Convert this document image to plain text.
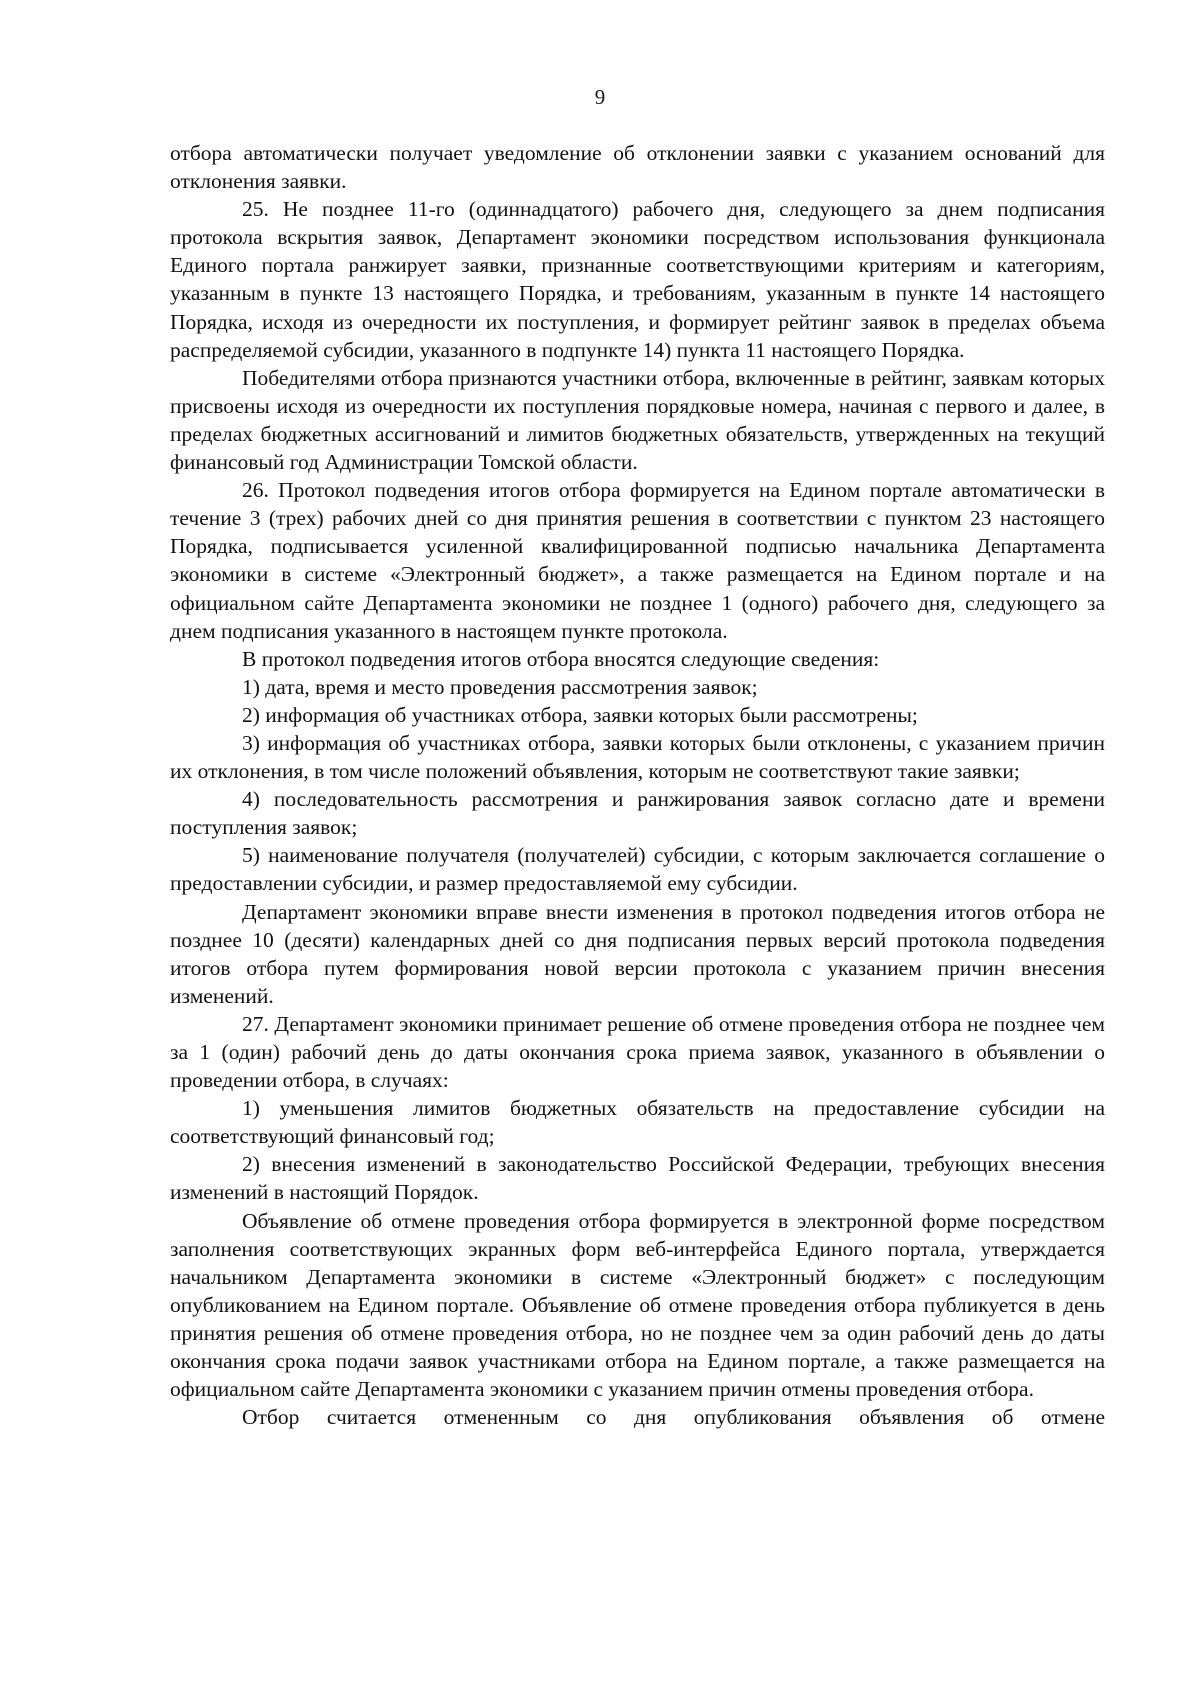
9

отбора автоматически получает уведомление об отклонении заявки с указанием оснований для отклонения заявки.

25. Не позднее 11-го (одиннадцатого) рабочего дня, следующего за днем подписания протокола вскрытия заявок, Департамент экономики посредством использования функционала Единого портала ранжирует заявки, признанные соответствующими критериям и категориям, указанным в пункте 13 настоящего Порядка, и требованиям, указанным в пункте 14 настоящего Порядка, исходя из очередности их поступления, и формирует рейтинг заявок в пределах объема распределяемой субсидии, указанного в подпункте 14) пункта 11 настоящего Порядка.

Победителями отбора признаются участники отбора, включенные в рейтинг, заявкам которых присвоены исходя из очередности их поступления порядковые номера, начиная с первого и далее, в пределах бюджетных ассигнований и лимитов бюджетных обязательств, утвержденных на текущий финансовый год Администрации Томской области.

26. Протокол подведения итогов отбора формируется на Едином портале автоматически в течение 3 (трех) рабочих дней со дня принятия решения в соответствии с пунктом 23 настоящего Порядка, подписывается усиленной квалифицированной подписью начальника Департамента экономики в системе «Электронный бюджет», а также размещается на Едином портале и на официальном сайте Департамента экономики не позднее 1 (одного) рабочего дня, следующего за днем подписания указанного в настоящем пункте протокола.

В протокол подведения итогов отбора вносятся следующие сведения:

1) дата, время и место проведения рассмотрения заявок;

2) информация об участниках отбора, заявки которых были рассмотрены;

3) информация об участниках отбора, заявки которых были отклонены, с указанием причин их отклонения, в том числе положений объявления, которым не соответствуют такие заявки;

4) последовательность рассмотрения и ранжирования заявок согласно дате и времени поступления заявок;

5) наименование получателя (получателей) субсидии, с которым заключается соглашение о предоставлении субсидии, и размер предоставляемой ему субсидии.

Департамент экономики вправе внести изменения в протокол подведения итогов отбора не позднее 10 (десяти) календарных дней со дня подписания первых версий протокола подведения итогов отбора путем формирования новой версии протокола с указанием причин внесения изменений.

27. Департамент экономики принимает решение об отмене проведения отбора не позднее чем за 1 (один) рабочий день до даты окончания срока приема заявок, указанного в объявлении о проведении отбора, в случаях:

1) уменьшения лимитов бюджетных обязательств на предоставление субсидии на соответствующий финансовый год;

2) внесения изменений в законодательство Российской Федерации, требующих внесения изменений в настоящий Порядок.

Объявление об отмене проведения отбора формируется в электронной форме посредством заполнения соответствующих экранных форм веб-интерфейса Единого портала, утверждается начальником Департамента экономики в системе «Электронный бюджет» с последующим опубликованием на Едином портале. Объявление об отмене проведения отбора публикуется в день принятия решения об отмене проведения отбора, но не позднее чем за один рабочий день до даты окончания срока подачи заявок участниками отбора на Едином портале, а также размещается на официальном сайте Департамента экономики с указанием причин отмены проведения отбора.

Отбор считается отмененным со дня опубликования объявления об отмене
